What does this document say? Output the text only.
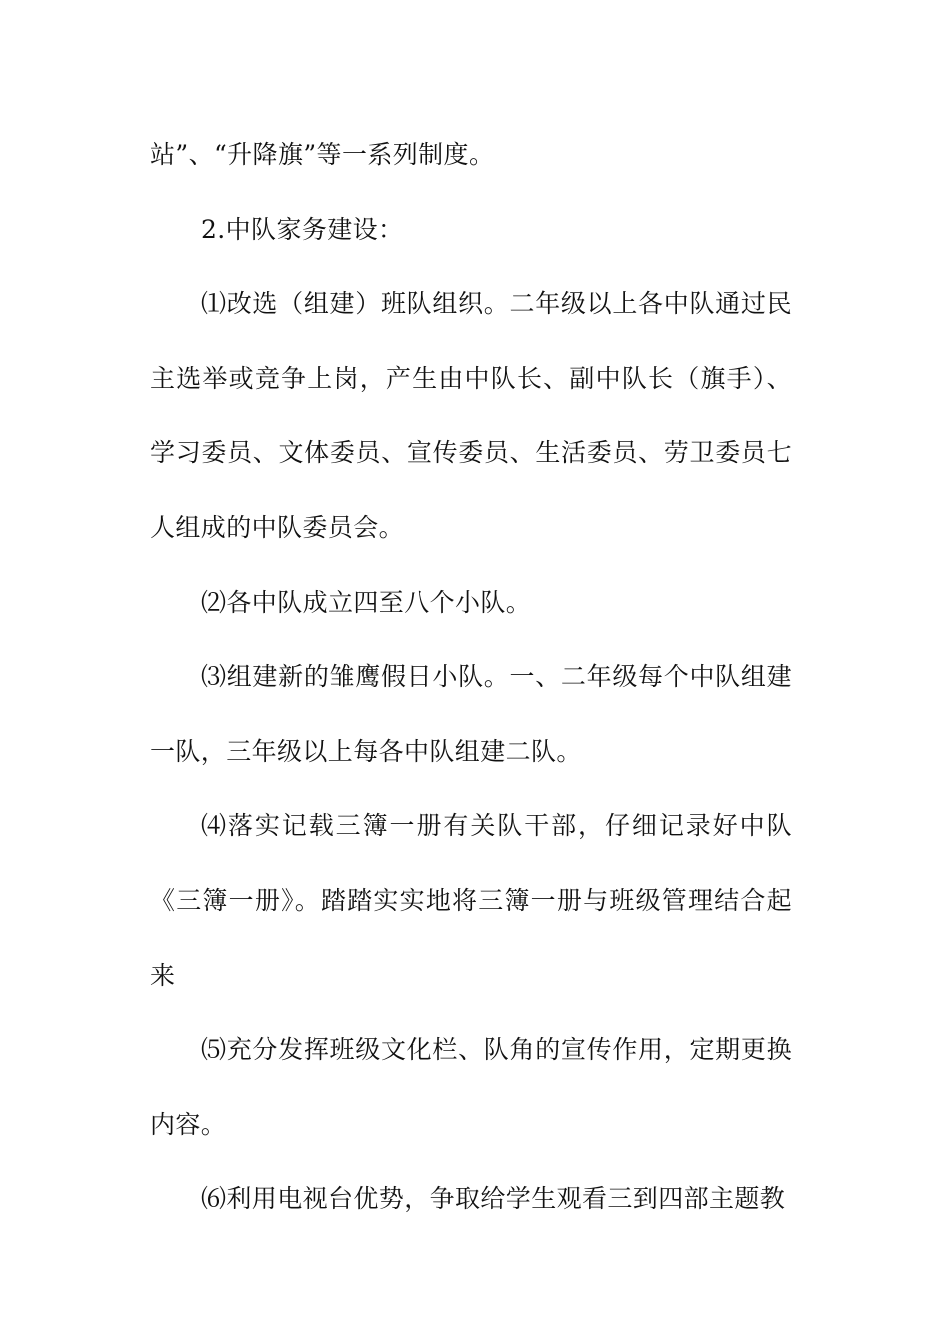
站”、“升降旗”等一系列制度。

2.中队家务建设：

⑴改选（组建）班队组织。二年级以上各中队通过民主选举或竞争上岗，产生由中队长、副中队长（旗手）、学习委员、文体委员、宣传委员、生活委员、劳卫委员七人组成的中队委员会。

⑵各中队成立四至八个小队。

⑶组建新的雏鹰假日小队。一、二年级每个中队组建一队，三年级以上每各中队组建二队。

⑷落实记载三簿一册有关队干部，仔细记录好中队《三簿一册》。踏踏实实地将三簿一册与班级管理结合起来

⑸充分发挥班级文化栏、队角的宣传作用，定期更换内容。

⑹利用电视台优势，争取给学生观看三到四部主题教
